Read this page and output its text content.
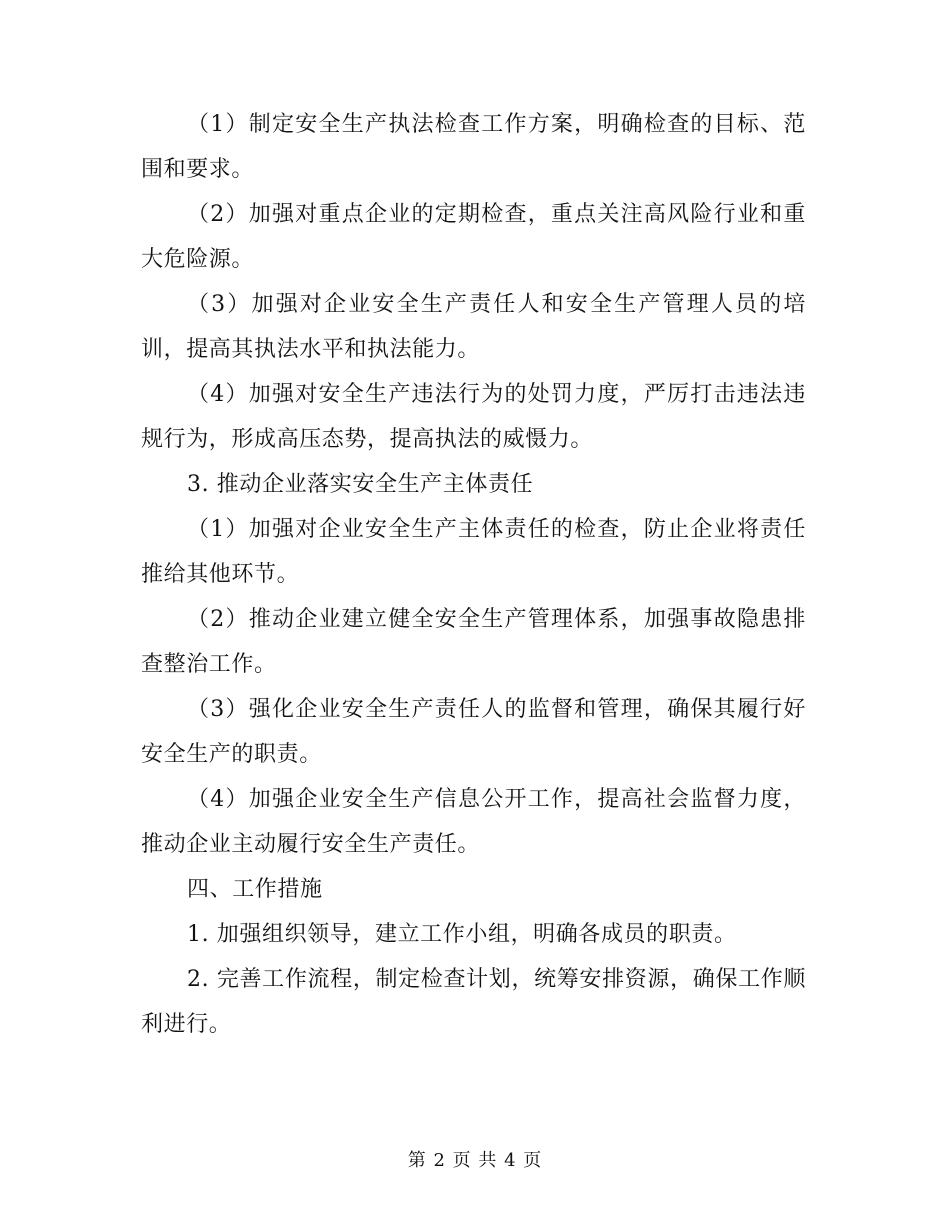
（1）制定安全生产执法检查工作方案，明确检查的目标、范围和要求。

（2）加强对重点企业的定期检查，重点关注高风险行业和重大危险源。

（3）加强对企业安全生产责任人和安全生产管理人员的培训，提高其执法水平和执法能力。

（4）加强对安全生产违法行为的处罚力度，严厉打击违法违规行为，形成高压态势，提高执法的威慑力。

3. 推动企业落实安全生产主体责任

（1）加强对企业安全生产主体责任的检查，防止企业将责任推给其他环节。

（2）推动企业建立健全安全生产管理体系，加强事故隐患排查整治工作。

（3）强化企业安全生产责任人的监督和管理，确保其履行好安全生产的职责。

（4）加强企业安全生产信息公开工作，提高社会监督力度，推动企业主动履行安全生产责任。

四、工作措施

1. 加强组织领导，建立工作小组，明确各成员的职责。

2. 完善工作流程，制定检查计划，统筹安排资源，确保工作顺利进行。

第 2 页 共 4 页
